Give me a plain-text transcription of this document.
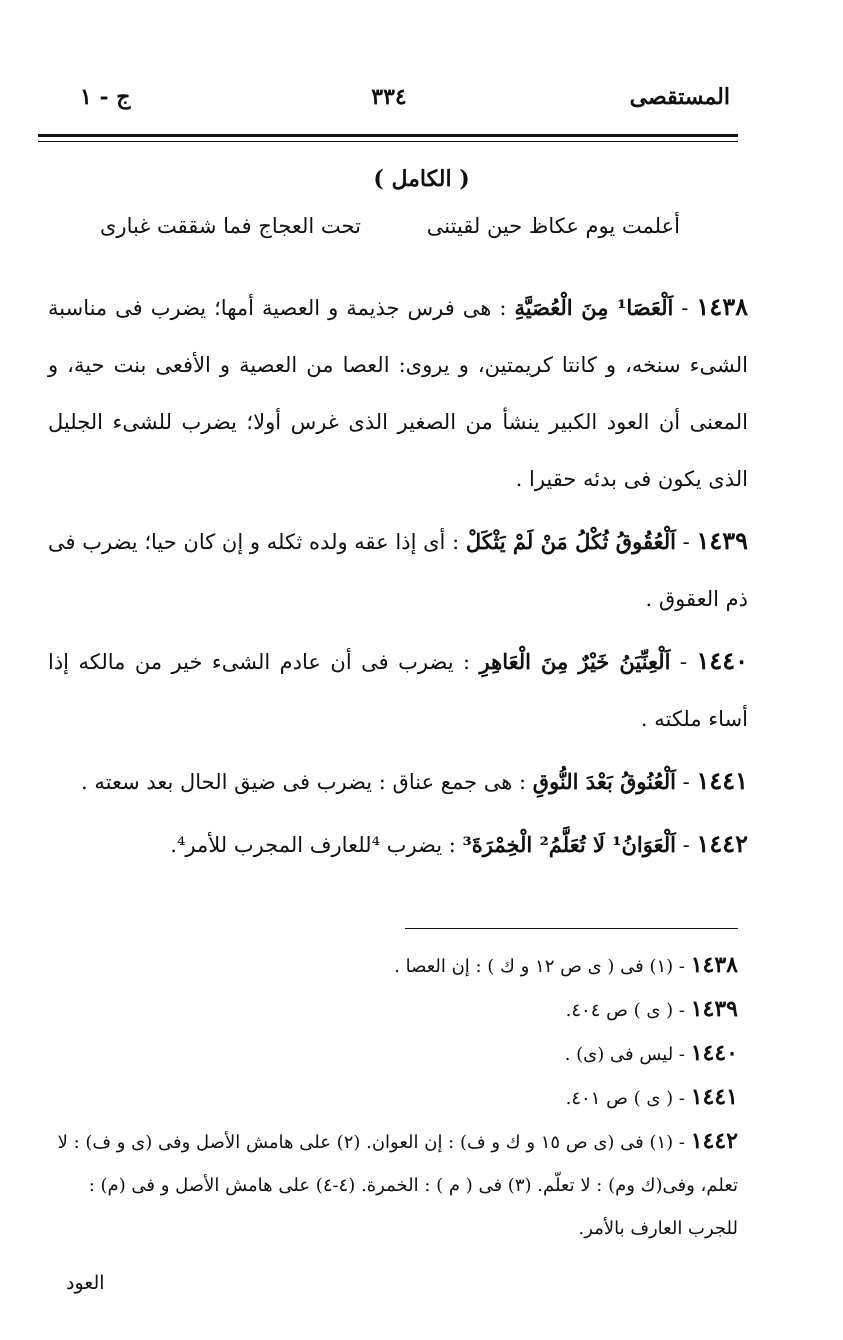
المستقصى
٣٣٤
ج - ١
( الكامل )
أعلمت يوم عكاظ حين لقيتنى
تحت العجاج فما شققت غبارى

١٤٣٨ - اَلْعَصَا¹ مِنَ الْعُصَيَّةِ : هى فرس جذيمة و العصية أمها؛ يضرب فى مناسبة الشىء سنخه، و كانتا كريمتين، و يروى: العصا من العصية و الأفعى بنت حية، و المعنى أن العود الكبير ينشأ من الصغير الذى غرس أولا؛ يضرب للشىء الجليل الذى يكون فى بدئه حقيرا .

١٤٣٩ - اَلْعُقُوقُ ثُكْلُ مَنْ لَمْ يَثْكَلْ : أى إذا عقه ولده ثكله و إن كان حيا؛ يضرب فى ذم العقوق .

١٤٤٠ - اَلْعِنِّيَنُ خَيْرٌ مِنَ الْعَاهِرِ : يضرب فى أن عادم الشىء خير من مالكه إذا أساء ملكته .

١٤٤١ - اَلْعُنُوقُ بَعْدَ النُّوقِ : هى جمع عناق : يضرب فى ضيق الحال بعد سعته .

١٤٤٢ - اَلْعَوَانُ¹ لَا تُعَلَّمُ² الْخِمْرَةَ³ : يضرب ⁴للعارف المجرب للأمر⁴.

١٤٣٨ - (١) فى ( ى ص ١٢ و ك ) : إن العصا .
١٤٣٩ - ( ى ) ص ٤٠٤.
١٤٤٠ - ليس فى (ى) .
١٤٤١ - ( ى ) ص ٤٠١.
١٤٤٢ - (١) فى (ى ص ١٥ و ك و ف) : إن العوان. (٢) على هامش الأصل وفى (ى و ف) : لا تعلم، وفى(ك وم) : لا تعلّم. (٣) فى ( م ) : الخمرة. (٤-٤) على هامش الأصل و فى (م) : للجرب العارف بالأمر.
العود
